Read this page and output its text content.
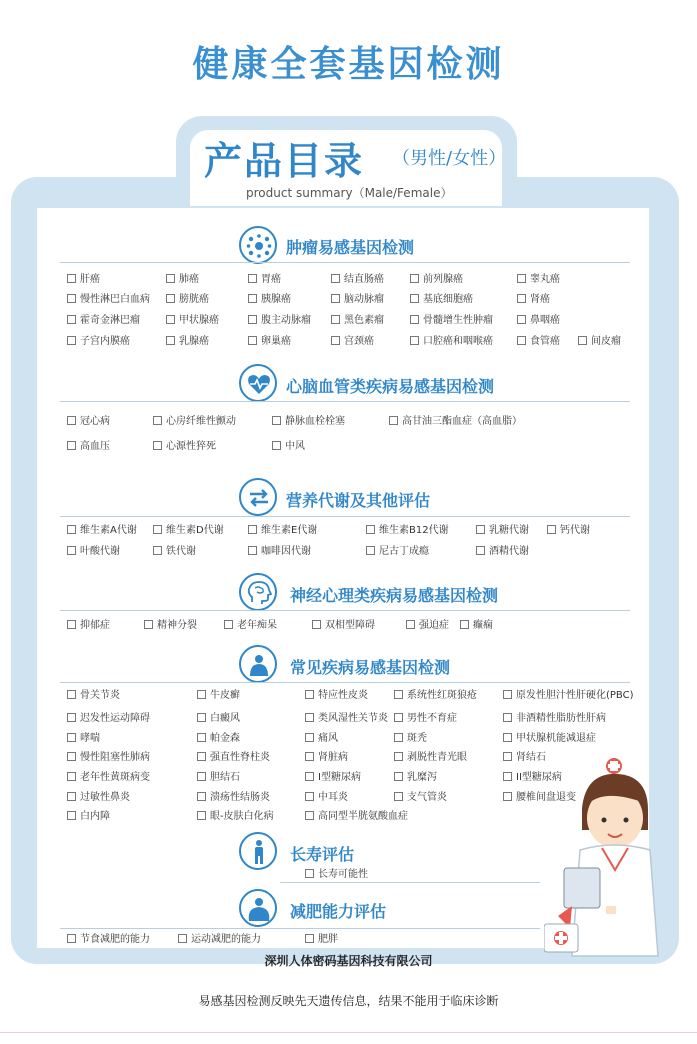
健康全套基因检测
产品目录 （男性/女性）
product summary（Male/Female）
肿瘤易感基因检测
肝癌	肺癌	胃癌	结直肠癌	前列腺癌	睾丸癌
慢性淋巴白血病	膀胱癌	胰腺癌	脑动脉瘤	基底细胞癌	肾癌
霍奇金淋巴瘤	甲状腺癌	腹主动脉瘤	黑色素瘤	骨髓增生性肿瘤	鼻咽癌
子宫内膜癌	乳腺癌	卵巢癌	宫颈癌	口腔癌和咽喉癌	食管癌	间皮瘤
心脑血管类疾病易感基因检测
冠心病	心房纤维性颤动	静脉血栓栓塞	高甘油三酯血症（高血脂）
高血压	心源性猝死	中风
营养代谢及其他评估
维生素A代谢	维生素D代谢	维生素E代谢	维生素B12代谢	乳糖代谢	钙代谢
叶酸代谢	铁代谢	咖啡因代谢	尼古丁成瘾	酒精代谢
神经心理类疾病易感基因检测
抑郁症	精神分裂	老年痴呆	双相型障碍	强迫症	癫痫
常见疾病易感基因检测
骨关节炎	牛皮癣	特应性皮炎	系统性红斑狼疮	原发性胆汁性肝硬化(PBC)
迟发性运动障碍	白癜风	类风湿性关节炎	男性不育症	非酒精性脂肪性肝病
哮喘	帕金森	痛风	斑秃	甲状腺机能减退症
慢性阻塞性肺病	强直性脊柱炎	肾脏病	剥脱性青光眼	肾结石
老年性黄斑病变	胆结石	I型糖尿病	乳糜泻	II型糖尿病
过敏性鼻炎	溃疡性结肠炎	中耳炎	支气管炎	腰椎间盘退变
白内障	眼-皮肤白化病	高同型半胱氨酸血症
长寿评估
长寿可能性
减肥能力评估
节食减肥的能力	运动减肥的能力	肥胖
深圳人体密码基因科技有限公司
易感基因检测反映先天遗传信息，结果不能用于临床诊断
